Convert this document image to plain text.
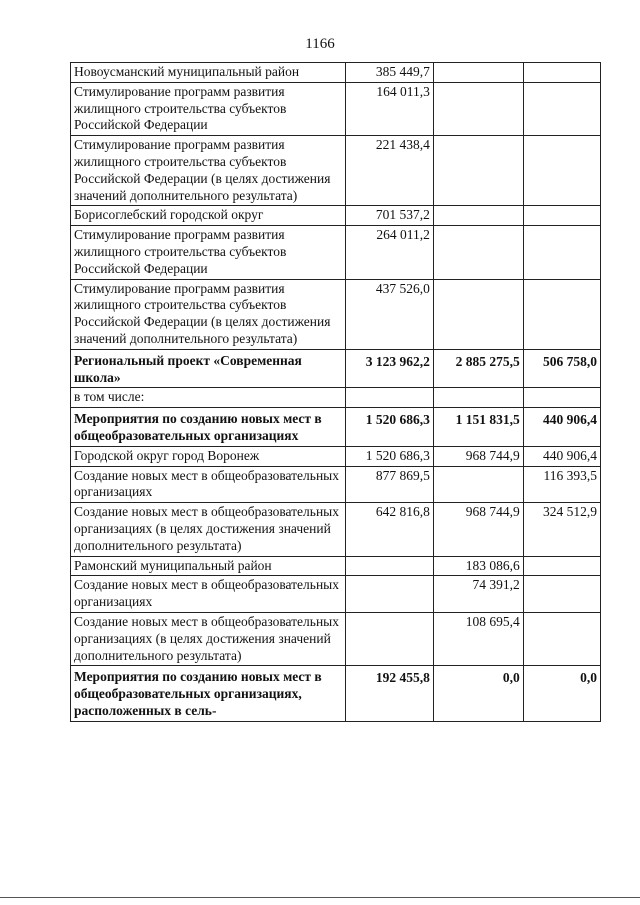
1166
Новоусманский муниципальный район	385 449,7		
Стимулирование программ развития жилищного строительства субъектов Российской Федерации	164 011,3		
Стимулирование программ развития жилищного строительства субъектов Российской Федерации (в целях достижения значений дополнительного результата)	221 438,4		
Борисоглебский городской округ	701 537,2		
Стимулирование программ развития жилищного строительства субъектов Российской Федерации	264 011,2		
Стимулирование программ развития жилищного строительства субъектов Российской Федерации (в целях достижения значений дополнительного результата)	437 526,0		
Региональный проект «Современная школа»	3 123 962,2	2 885 275,5	506 758,0
в том числе:			
Мероприятия по созданию новых мест в общеобразовательных организациях	1 520 686,3	1 151 831,5	440 906,4
Городской округ город Воронеж	1 520 686,3	968 744,9	440 906,4
Создание новых мест в общеобразовательных организациях	877 869,5		116 393,5
Создание новых мест в общеобразовательных организациях (в целях достижения значений дополнительного результата)	642 816,8	968 744,9	324 512,9
Рамонский муниципальный район		183 086,6	
Создание новых мест в общеобразовательных организациях		74 391,2	
Создание новых мест в общеобразовательных организациях (в целях достижения значений дополнительного результата)		108 695,4	
Мероприятия по созданию новых мест в общеобразовательных организациях, расположенных в сель-	192 455,8	0,0	0,0
